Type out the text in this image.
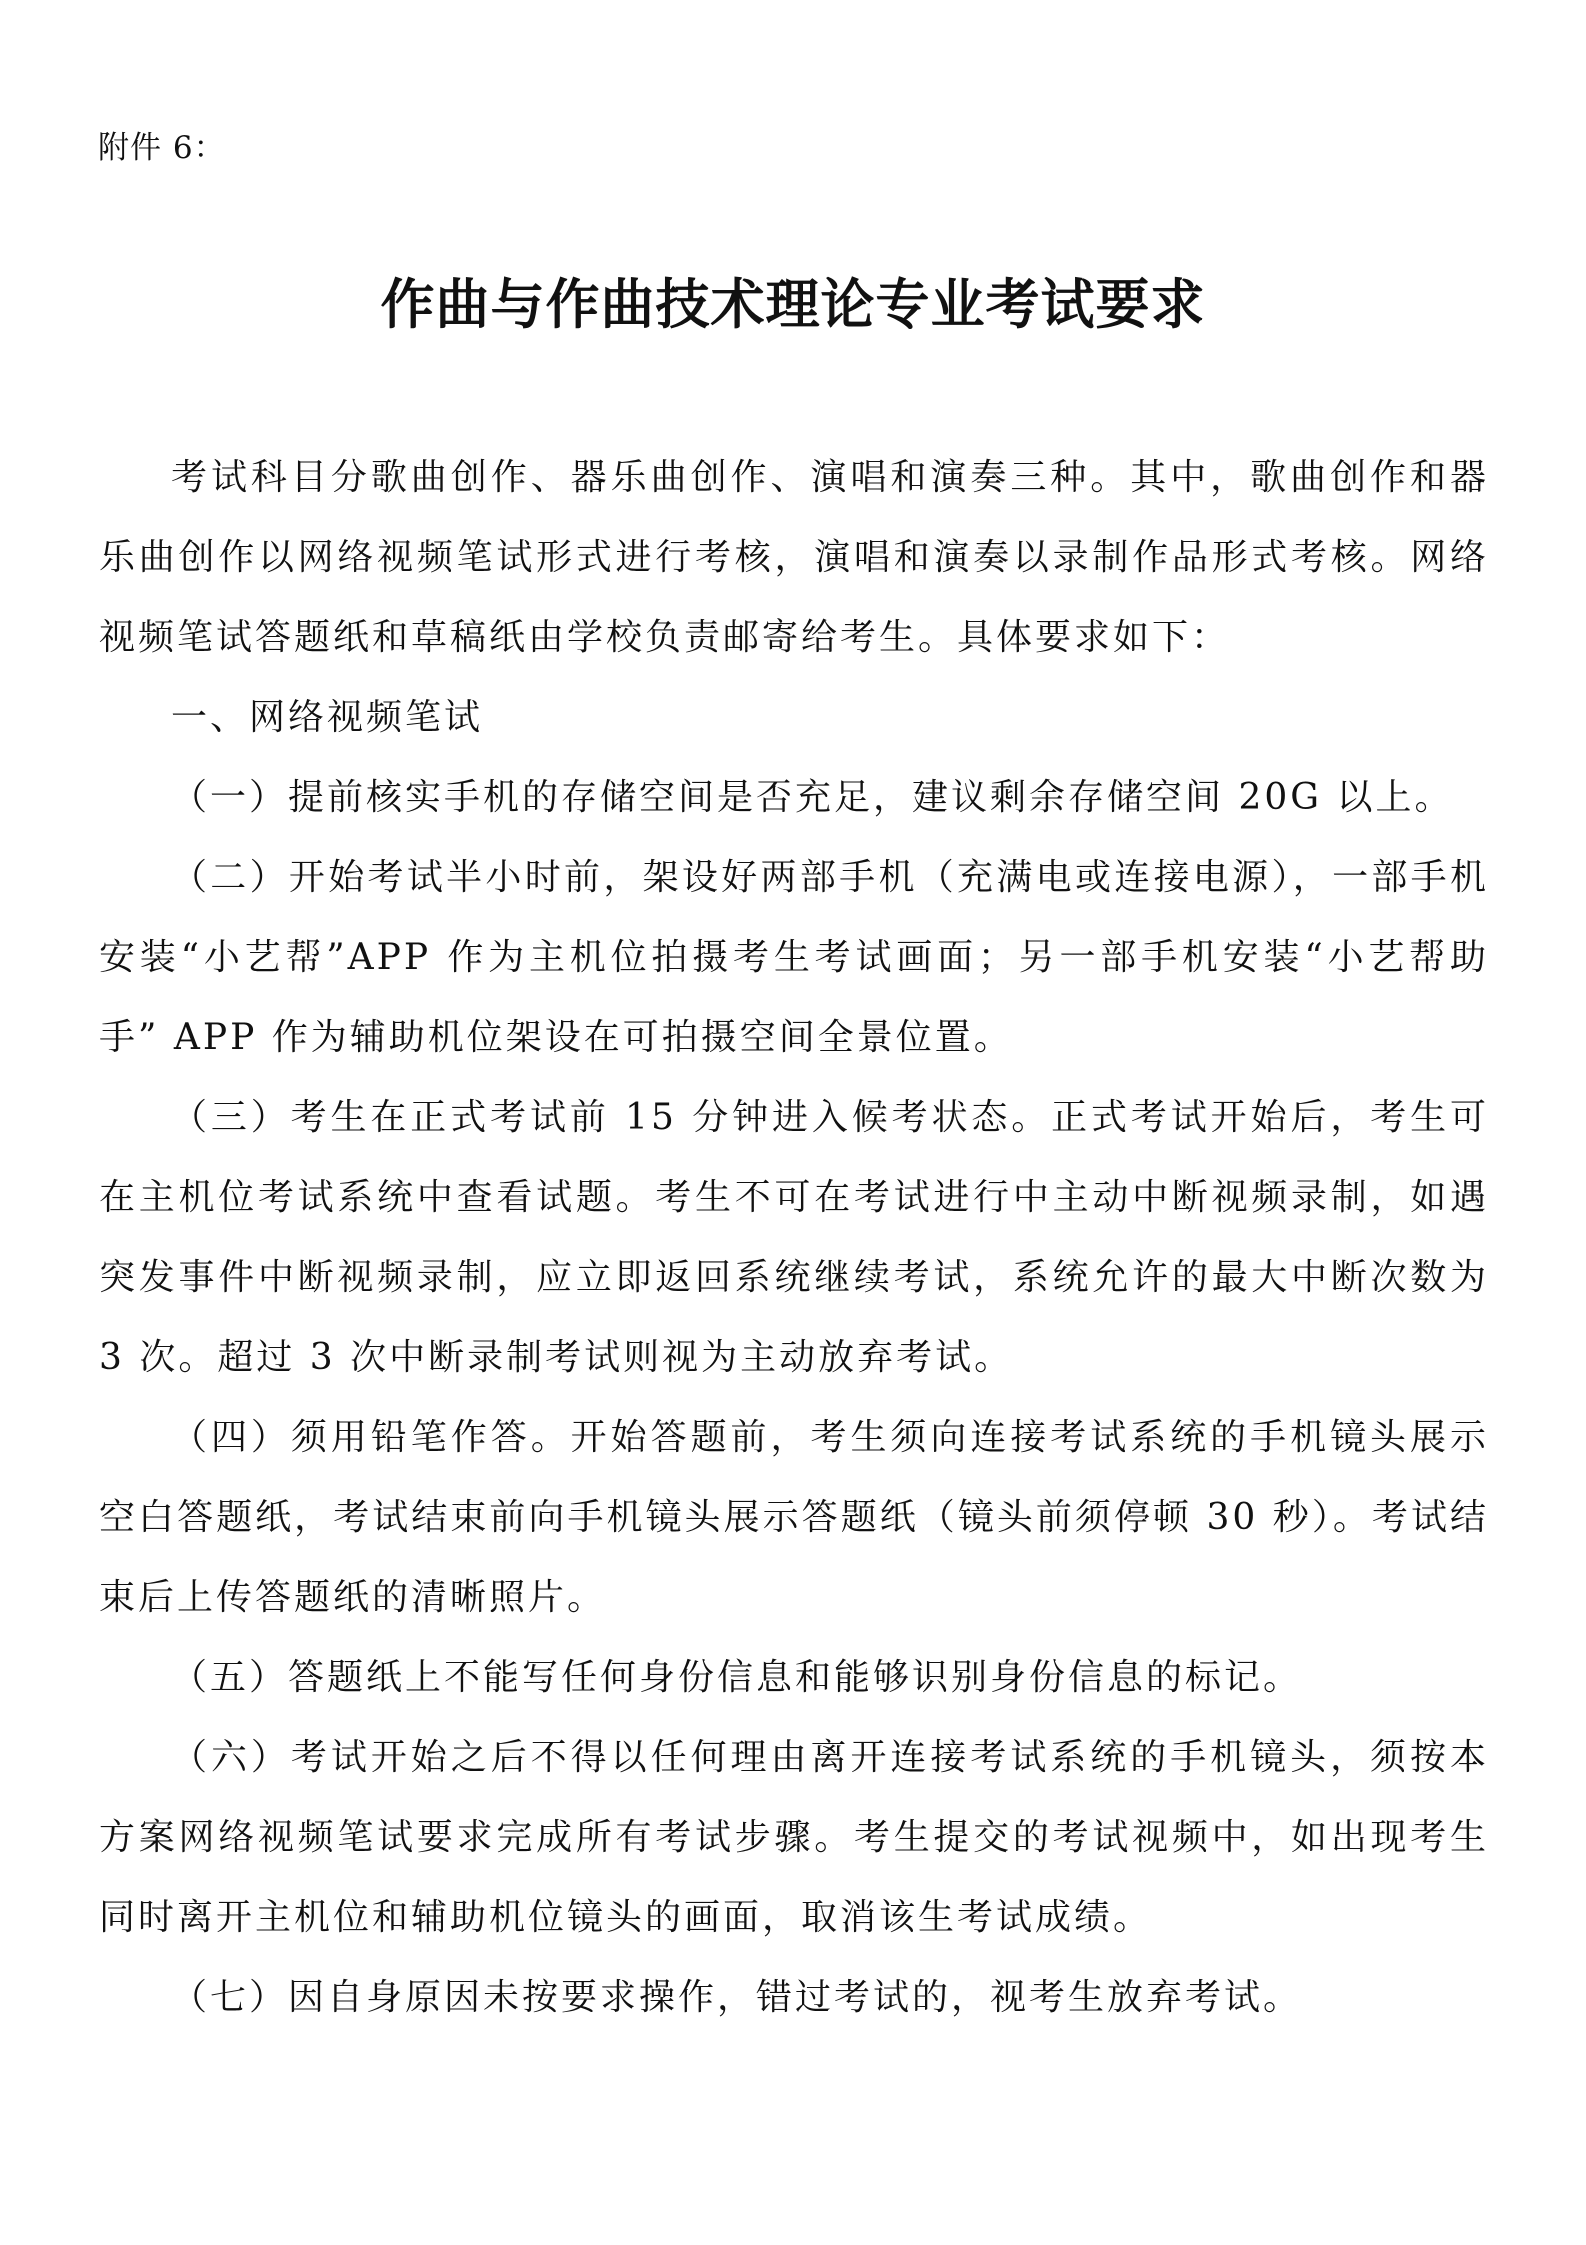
附件 6：
作曲与作曲技术理论专业考试要求

考试科目分歌曲创作、器乐曲创作、演唱和演奏三种。其中，歌曲创作和器乐曲创作以网络视频笔试形式进行考核，演唱和演奏以录制作品形式考核。网络视频笔试答题纸和草稿纸由学校负责邮寄给考生。具体要求如下：

一、网络视频笔试

（一）提前核实手机的存储空间是否充足，建议剩余存储空间 20G 以上。

（二）开始考试半小时前，架设好两部手机（充满电或连接电源），一部手机安装“小艺帮”APP 作为主机位拍摄考生考试画面；另一部手机安装“小艺帮助手” APP 作为辅助机位架设在可拍摄空间全景位置。

（三）考生在正式考试前 15 分钟进入候考状态。正式考试开始后，考生可在主机位考试系统中查看试题。考生不可在考试进行中主动中断视频录制，如遇突发事件中断视频录制，应立即返回系统继续考试，系统允许的最大中断次数为 3 次。超过 3 次中断录制考试则视为主动放弃考试。

（四）须用铅笔作答。开始答题前，考生须向连接考试系统的手机镜头展示空白答题纸，考试结束前向手机镜头展示答题纸（镜头前须停顿 30 秒）。考试结束后上传答题纸的清晰照片。

（五）答题纸上不能写任何身份信息和能够识别身份信息的标记。

（六）考试开始之后不得以任何理由离开连接考试系统的手机镜头，须按本方案网络视频笔试要求完成所有考试步骤。考生提交的考试视频中，如出现考生同时离开主机位和辅助机位镜头的画面，取消该生考试成绩。

（七）因自身原因未按要求操作，错过考试的，视考生放弃考试。
